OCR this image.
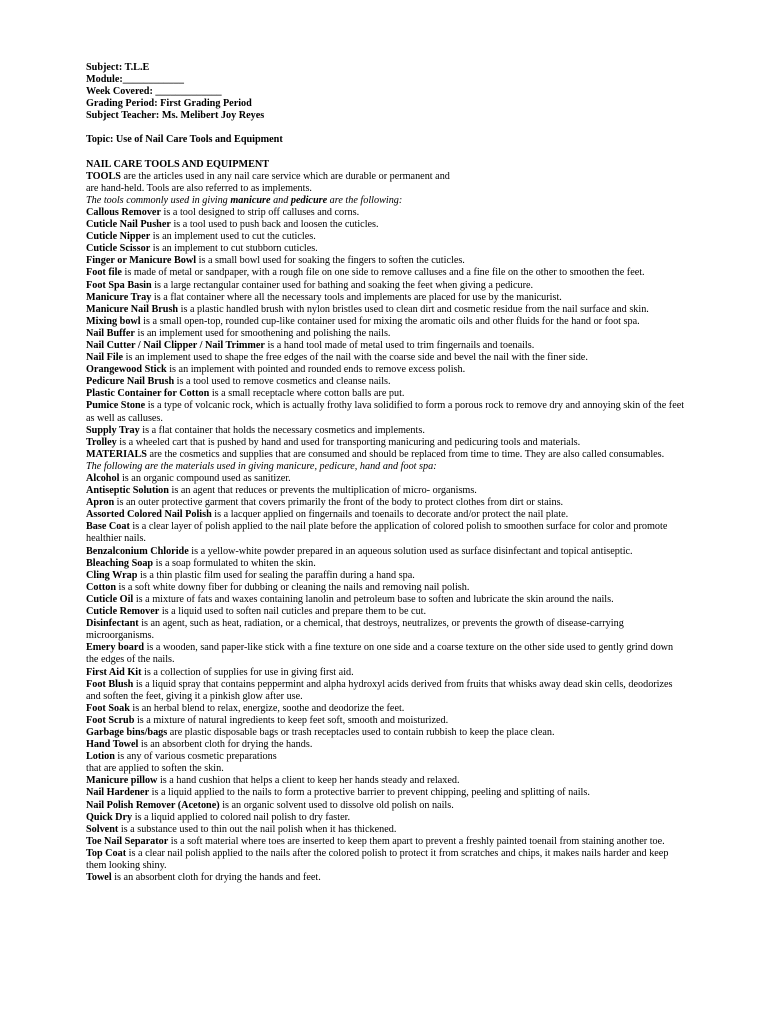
Subject: T.L.E
Module:____________
Week Covered: _____________
Grading Period: First Grading Period
Subject Teacher: Ms. Melibert Joy Reyes
Topic: Use of Nail Care Tools and Equipment
NAIL CARE TOOLS AND EQUIPMENT
TOOLS are the articles used in any nail care service which are durable or permanent and
are hand-held. Tools are also referred to as implements.
The tools commonly used in giving manicure and pedicure are the following:
Callous Remover is a tool designed to strip off calluses and corns.
Cuticle Nail Pusher is a tool used to push back and loosen the cuticles.
Cuticle Nipper is an implement used to cut the cuticles.
Cuticle Scissor is an implement to cut stubborn cuticles.
Finger or Manicure Bowl is a small bowl used for soaking the fingers to soften the cuticles.
Foot file is made of metal or sandpaper, with a rough file on one side to remove calluses and a fine file on the other to smoothen the feet.
Foot Spa Basin is a large rectangular container used for bathing and soaking the feet when giving a pedicure.
Manicure Tray is a flat container where all the necessary tools and implements are placed for use by the manicurist.
Manicure Nail Brush is a plastic handled brush with nylon bristles used to clean dirt and cosmetic residue from the nail surface and skin.
Mixing bowl is a small open-top, rounded cup-like container used for mixing the aromatic oils and other fluids for the hand or foot spa.
Nail Buffer is an implement used for smoothening and polishing the nails.
Nail Cutter / Nail Clipper / Nail Trimmer is a hand tool made of metal used to trim fingernails and toenails.
Nail File is an implement used to shape the free edges of the nail with the coarse side and bevel the nail with the finer side.
Orangewood Stick is an implement with pointed and rounded ends to remove excess polish.
Pedicure Nail Brush is a tool used to remove cosmetics and cleanse nails.
Plastic Container for Cotton is a small receptacle where cotton balls are put.
Pumice Stone is a type of volcanic rock, which is actually frothy lava solidified to form a porous rock to remove dry and annoying skin of the feet as well as calluses.
Supply Tray is a flat container that holds the necessary cosmetics and implements.
Trolley is a wheeled cart that is pushed by hand and used for transporting manicuring and pedicuring tools and materials.
MATERIALS are the cosmetics and supplies that are consumed and should be replaced from time to time. They are also called consumables.
The following are the materials used in giving manicure, pedicure, hand and foot spa:
Alcohol is an organic compound used as sanitizer.
Antiseptic Solution is an agent that reduces or prevents the multiplication of micro- organisms.
Apron is an outer protective garment that covers primarily the front of the body to protect clothes from dirt or stains.
Assorted Colored Nail Polish is a lacquer applied on fingernails and toenails to decorate and/or protect the nail plate.
Base Coat is a clear layer of polish applied to the nail plate before the application of colored polish to smoothen surface for color and promote healthier nails.
Benzalconium Chloride is a yellow-white powder prepared in an aqueous solution used as surface disinfectant and topical antiseptic.
Bleaching Soap is a soap formulated to whiten the skin.
Cling Wrap is a thin plastic film used for sealing the paraffin during a hand spa.
Cotton is a soft white downy fiber for dubbing or cleaning the nails and removing nail polish.
Cuticle Oil is a mixture of fats and waxes containing lanolin and petroleum base to soften and lubricate the skin around the nails.
Cuticle Remover is a liquid used to soften nail cuticles and prepare them to be cut.
Disinfectant is an agent, such as heat, radiation, or a chemical, that destroys, neutralizes, or prevents the growth of disease-carrying microorganisms.
Emery board is a wooden, sand paper-like stick with a fine texture on one side and a coarse texture on the other side used to gently grind down the edges of the nails.
First Aid Kit is a collection of supplies for use in giving first aid.
Foot Blush is a liquid spray that contains peppermint and alpha hydroxyl acids derived from fruits that whisks away dead skin cells, deodorizes and soften the feet, giving it a pinkish glow after use.
Foot Soak is an herbal blend to relax, energize, soothe and deodorize the feet.
Foot Scrub is a mixture of natural ingredients to keep feet soft, smooth and moisturized.
Garbage bins/bags are plastic disposable bags or trash receptacles used to contain rubbish to keep the place clean.
Hand Towel is an absorbent cloth for drying the hands.
Lotion is any of various cosmetic preparations
that are applied to soften the skin.
Manicure pillow is a hand cushion that helps a client to keep her hands steady and relaxed.
Nail Hardener is a liquid applied to the nails to form a protective barrier to prevent chipping, peeling and splitting of nails.
Nail Polish Remover (Acetone) is an organic solvent used to dissolve old polish on nails.
Quick Dry is a liquid applied to colored nail polish to dry faster.
Solvent is a substance used to thin out the nail polish when it has thickened.
Toe Nail Separator is a soft material where toes are inserted to keep them apart to prevent a freshly painted toenail from staining another toe.
Top Coat is a clear nail polish applied to the nails after the colored polish to protect it from scratches and chips, it makes nails harder and keep them looking shiny.
Towel is an absorbent cloth for drying the hands and feet.
